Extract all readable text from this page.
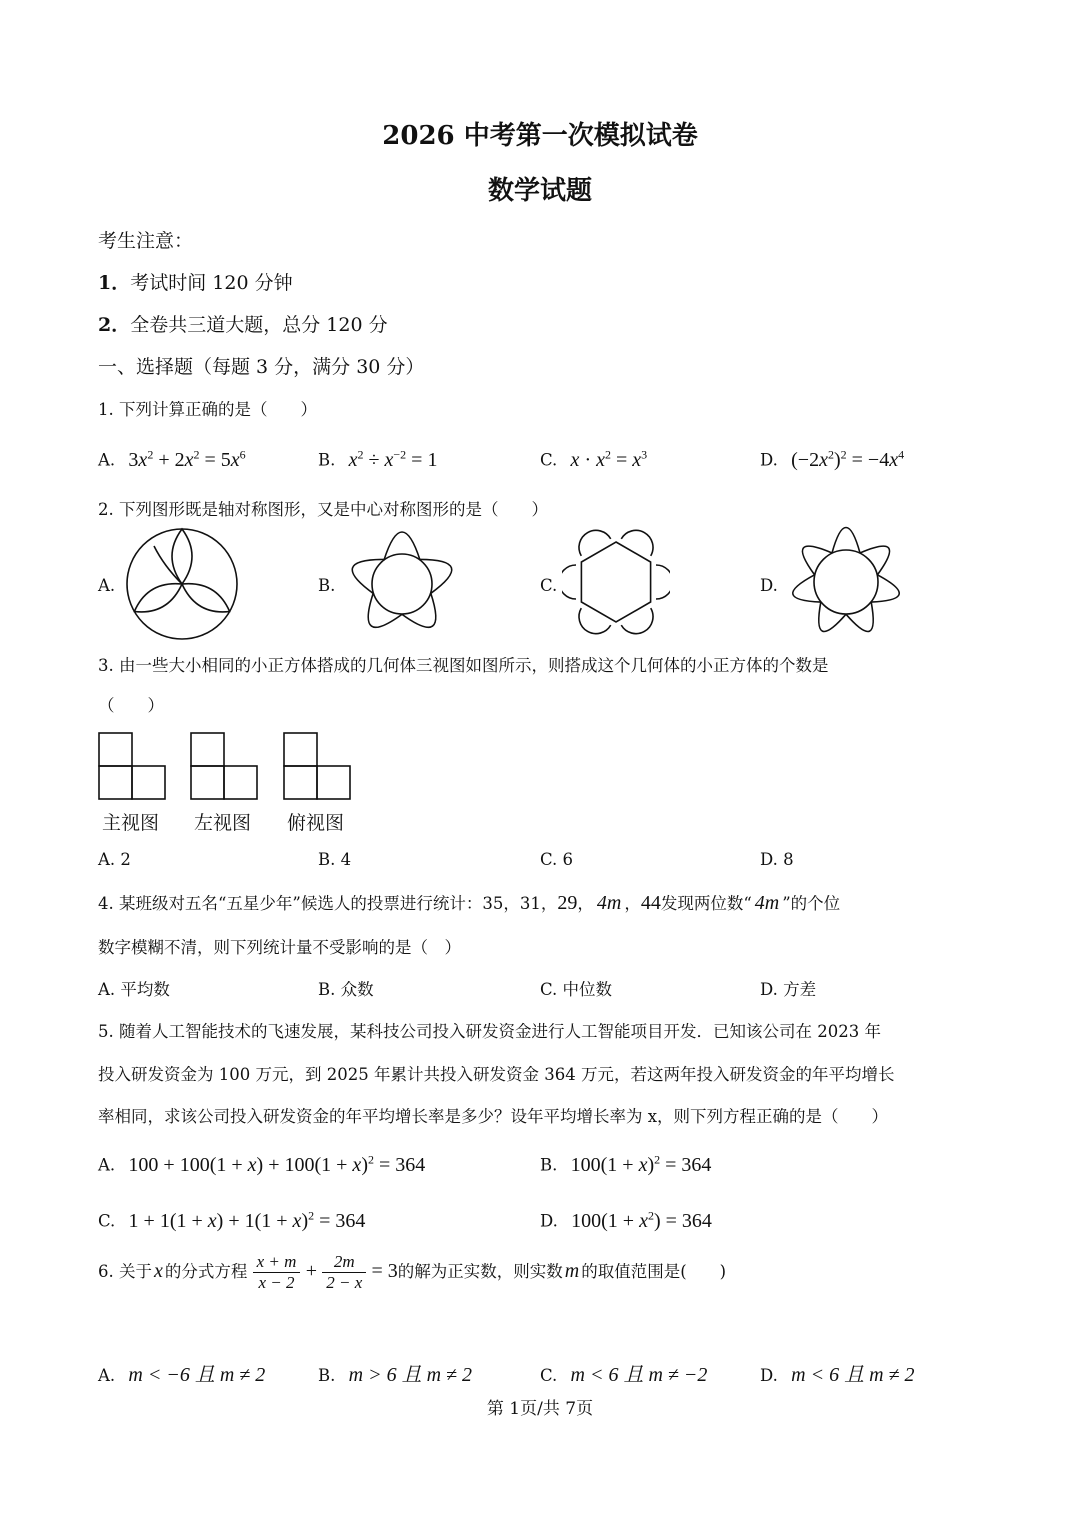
2026 中考第一次模拟试卷
数学试题
考生注意：
1．考试时间 120 分钟
2．全卷共三道大题，总分 120 分
一、选择题（每题 3 分，满分 30 分）
1. 下列计算正确的是（　　）
A. $3x^2 + 2x^2 = 5x^6$	B. $x^2 \div x^{-2} = 1$	C. $x \cdot x^2 = x^3$	D. $(-2x^2)^2 = -4x^4$
2. 下列图形既是轴对称图形，又是中心对称图形的是（　　）
A.	B.	C.	D.
3. 由一些大小相同的小正方体搭成的几何体三视图如图所示，则搭成这个几何体的小正方体的个数是
（　　）
主视图 左视图 俯视图
A. 2	B. 4	C. 6	D. 8
4. 某班级对五名“五星少年”候选人的投票进行统计：35，31，29， 4m ，44发现两位数“ 4m ”的个位
数字模糊不清，则下列统计量不受影响的是（　）
A. 平均数	B. 众数	C. 中位数	D. 方差
5. 随着人工智能技术的飞速发展，某科技公司投入研发资金进行人工智能项目开发．已知该公司在 2023 年
投入研发资金为 100 万元，到 2025 年累计共投入研发资金 364 万元，若这两年投入研发资金的年平均增长
率相同，求该公司投入研发资金的年平均增长率是多少？设年平均增长率为 x，则下列方程正确的是（　　）
A. $100 + 100(1 + x) + 100(1 + x)^2 = 364$	B. $100(1 + x)^2 = 364$
C. $1 + 1(1 + x) + 1(1 + x)^2 = 364$	D. $100(1 + x^2) = 364$
6. 关于 x 的分式方程 $\frac{x + m}{x - 2} + \frac{2m}{2 - x} = 3$的解为正实数，则实数 m 的取值范围是(　　)
A. m < −6 且 m ≠ 2	B. m > 6 且 m ≠ 2	C. m < 6 且 m ≠ −2	D. m < 6 且 m ≠ 2
第 1页/共 7页
